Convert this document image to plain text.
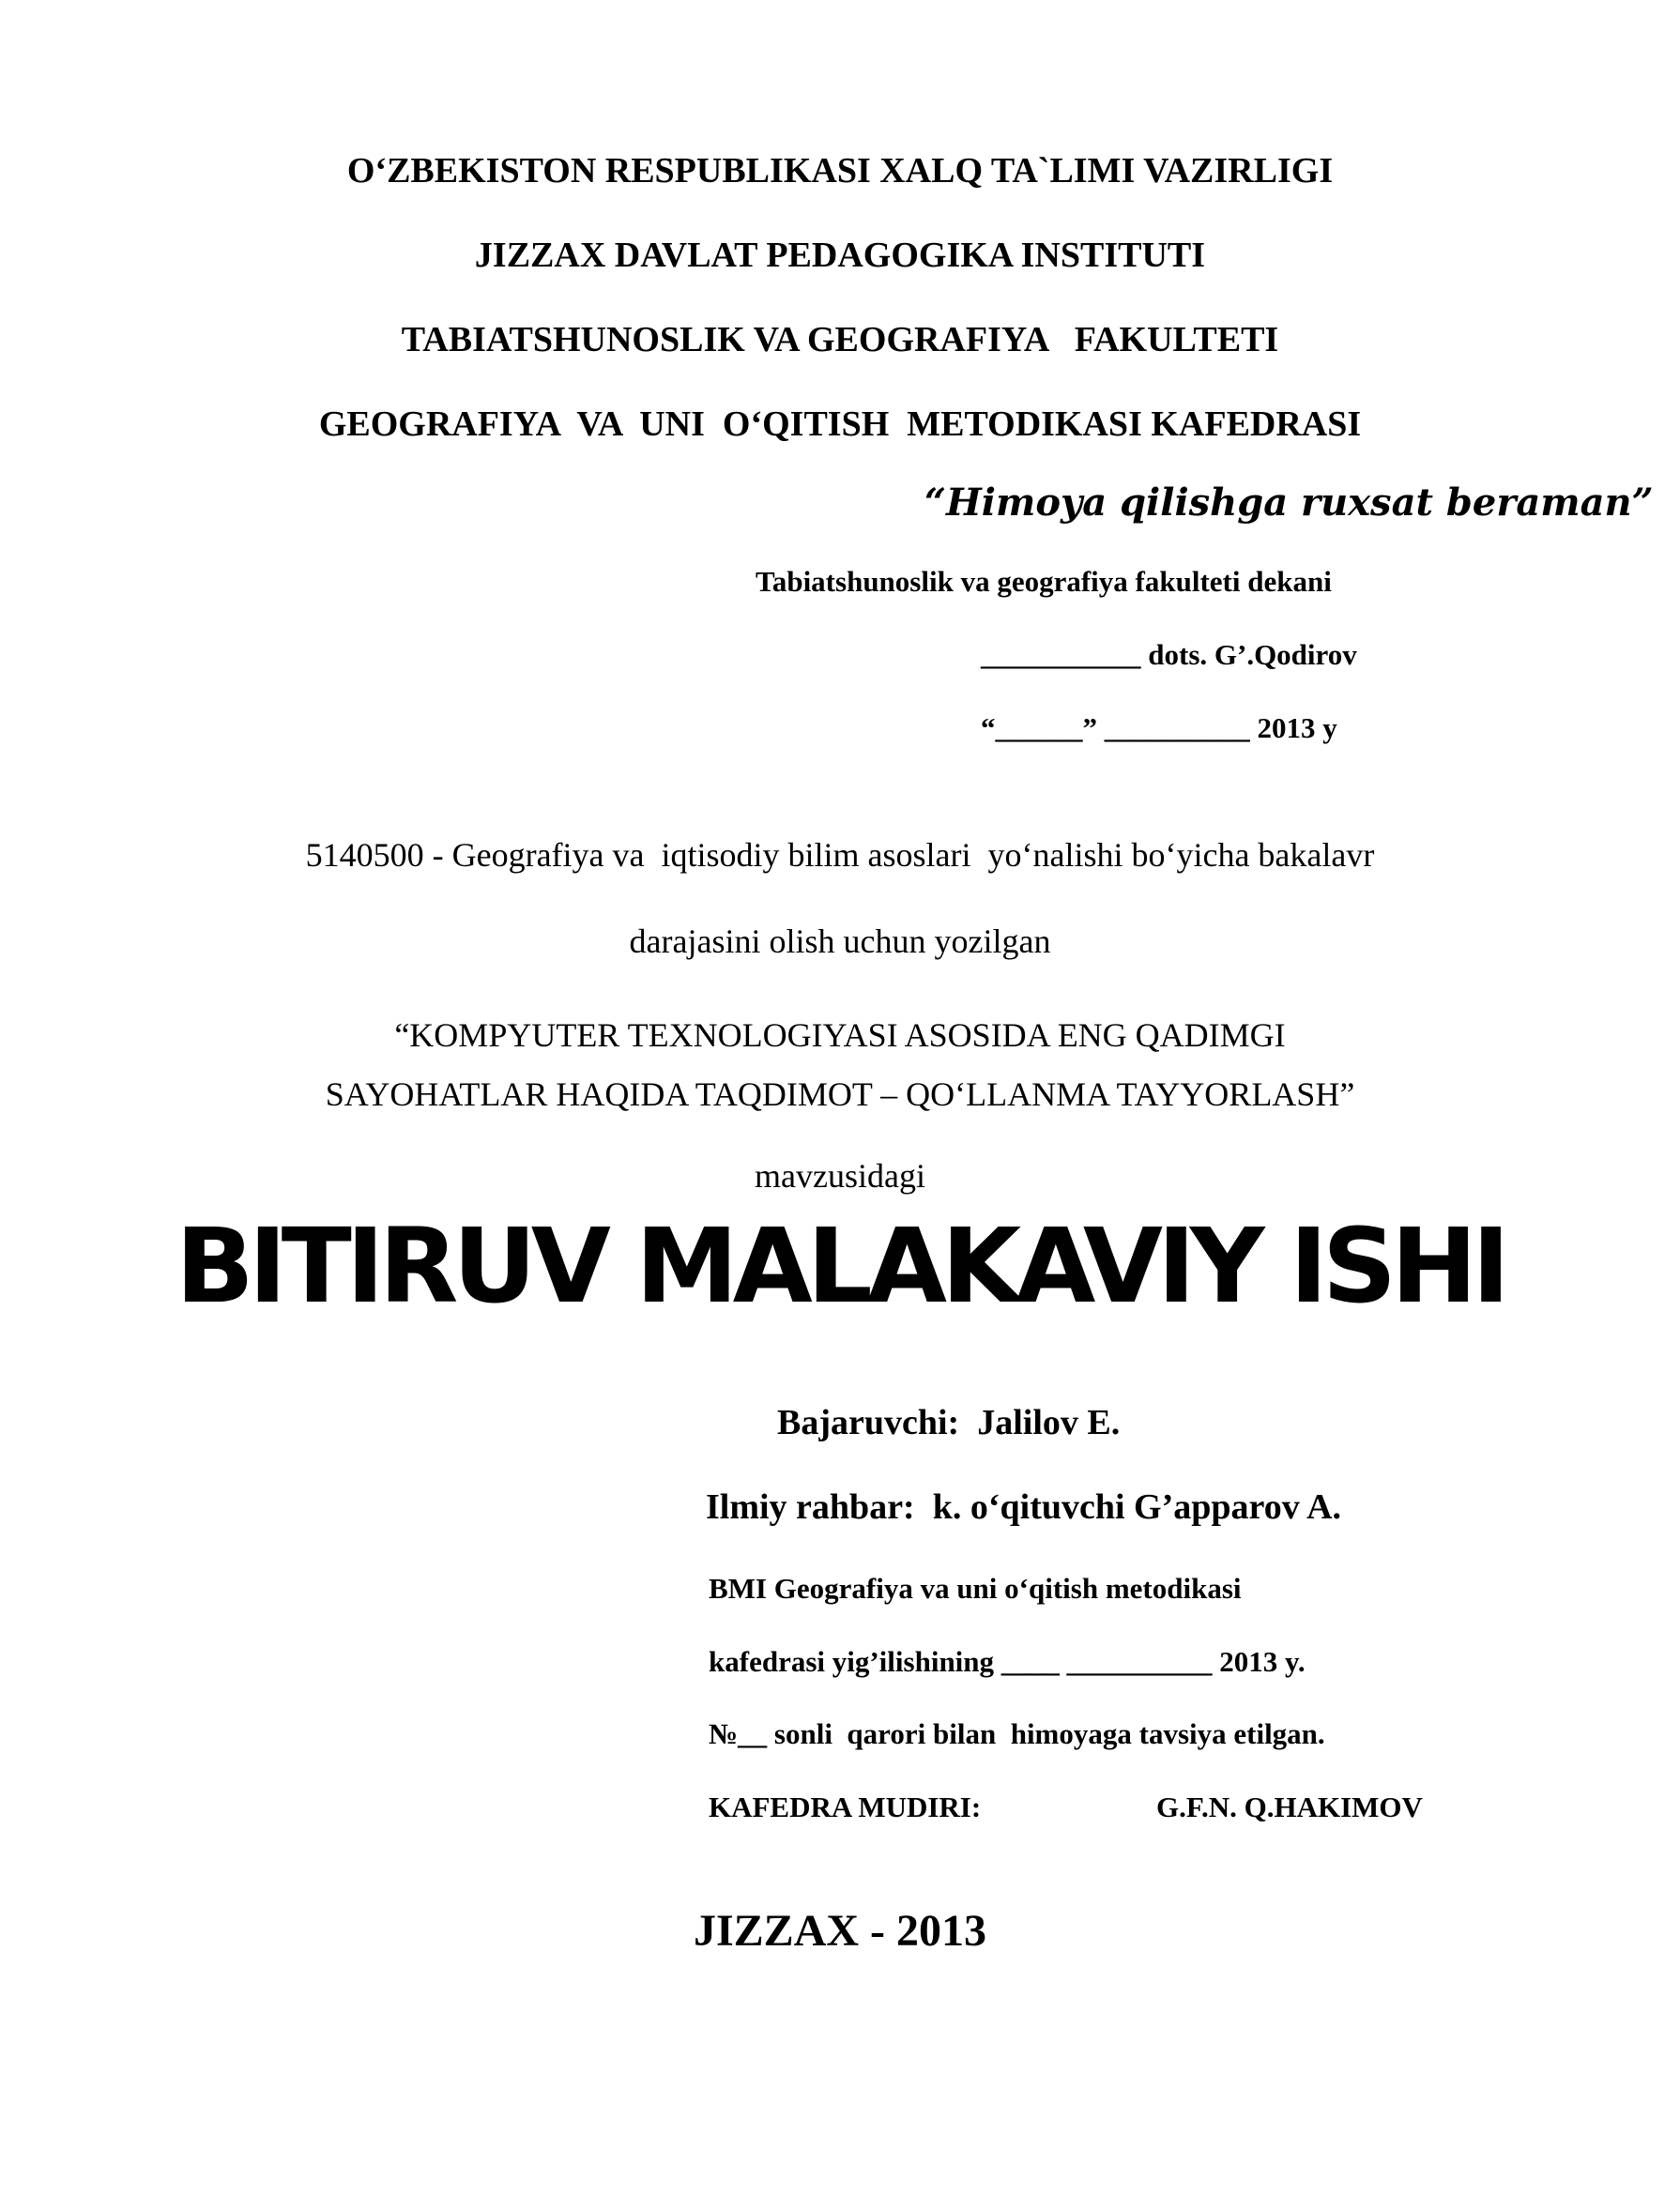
O‘ZBEKISTON RESPUBLIKASI XALQ TA`LIMI VAZIRLIGI
JIZZAX DAVLAT PEDAGOGIKA INSTITUTI
TABIATSHUNOSLIK VA GEOGRAFIYA   FAKULTETI
GEOGRAFIYA  VA  UNI  O‘QITISH  METODIKASI KAFEDRASI
“Himoya qilishga ruxsat beraman”
Tabiatshunoslik va geografiya fakulteti dekani
___________ dots. G’.Qodirov
“______” __________ 2013 y
5140500 - Geografiya va  iqtisodiy bilim asoslari  yo‘nalishi bo‘yicha bakalavr
darajasini olish uchun yozilgan
“KOMPYUTER TEXNOLOGIYASI ASOSIDA ENG QADIMGI
SAYOHATLAR HAQIDA TAQDIMOT – QO‘LLANMA TAYYORLASH”
mavzusidagi
BITIRUV MALAKAVIY ISHI
Bajaruvchi: Jalilov E.
Ilmiy rahbar: k. o‘qituvchi G’apparov A.
BMI Geografiya va uni o‘qitish metodikasi
kafedrasi yig’ilishining ____ __________ 2013 y.
№__ sonli  qarori bilan  himoyaga tavsiya etilgan.
KAFEDRA MUDIRI:	G.F.N. Q.HAKIMOV
JIZZAX - 2013
